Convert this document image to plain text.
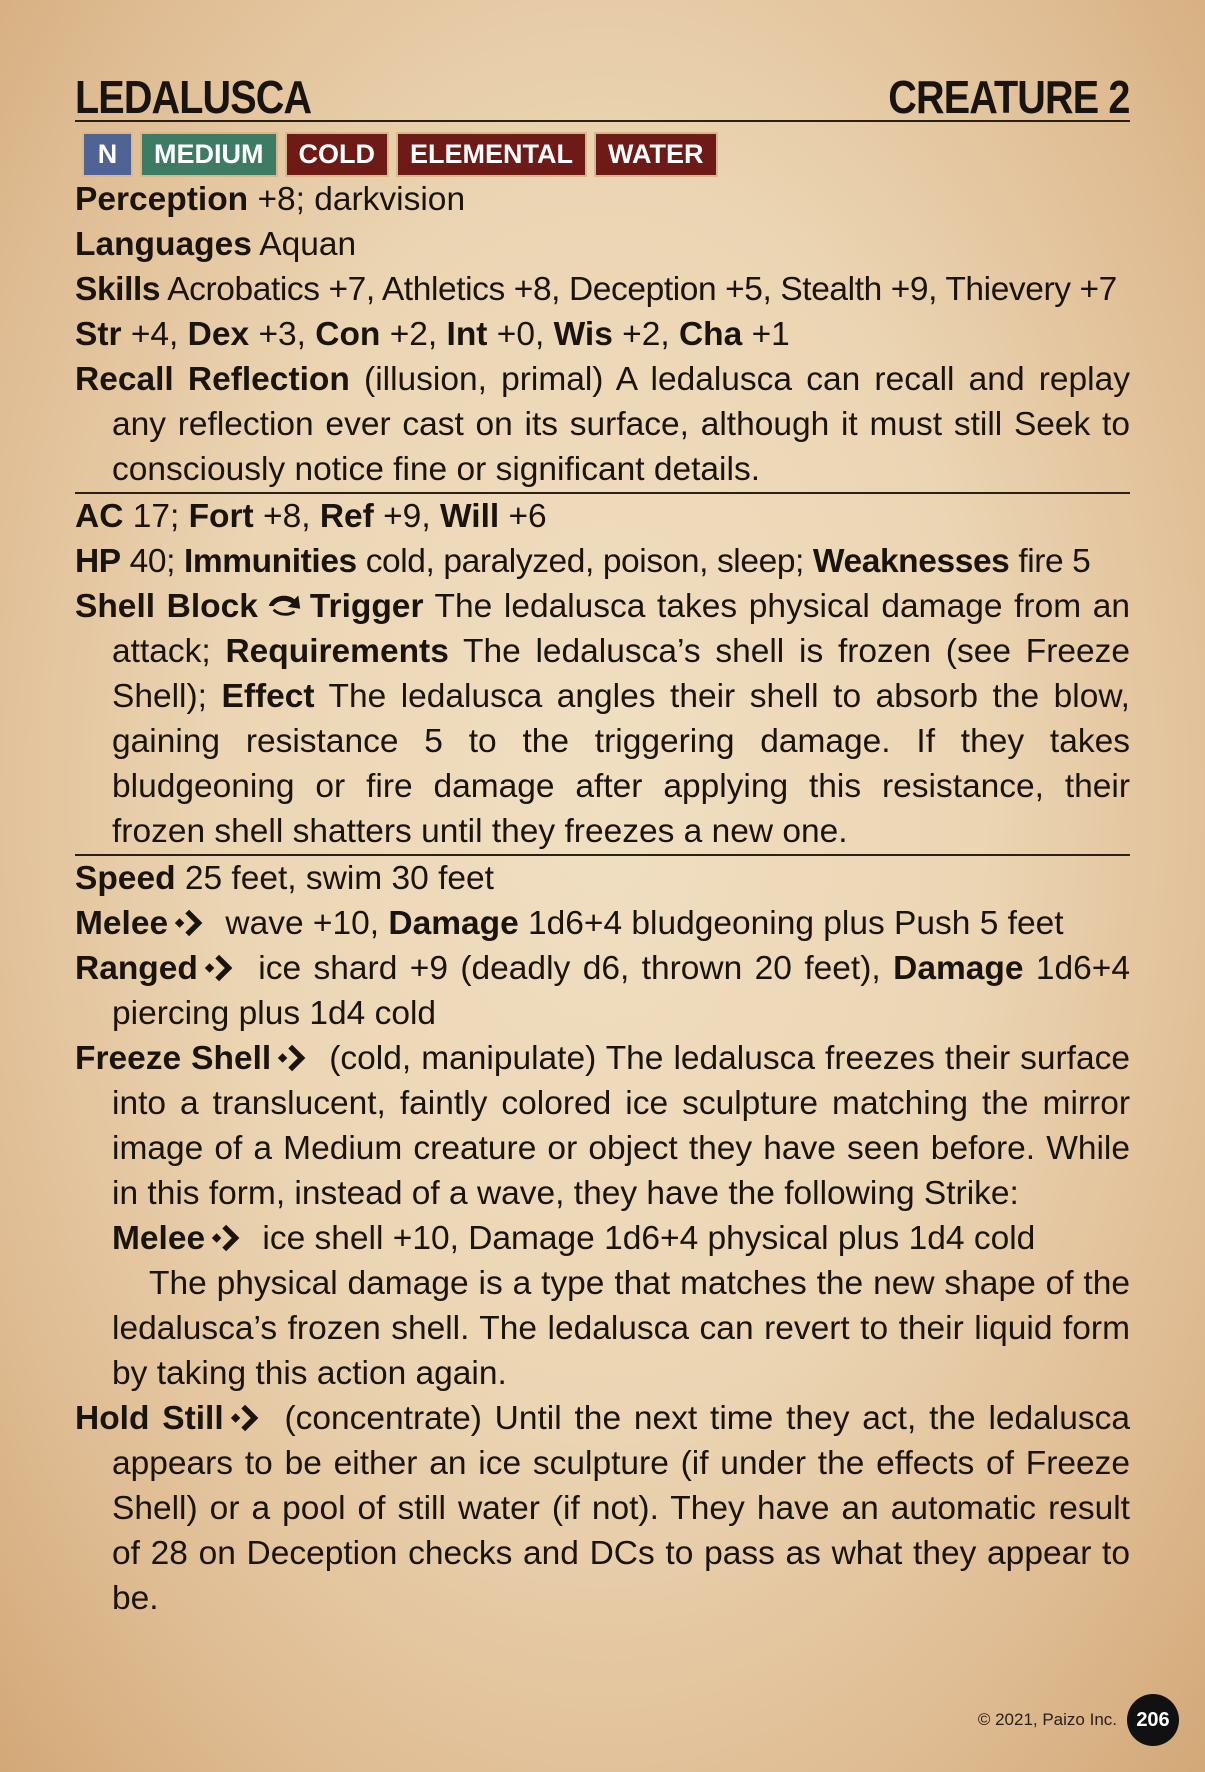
LEDALUSCA	CREATURE 2
N	MEDIUM	COLD	ELEMENTAL	WATER
Perception +8; darkvision
Languages Aquan
Skills Acrobatics +7, Athletics +8, Deception +5, Stealth +9, Thievery +7
Str +4, Dex +3, Con +2, Int +0, Wis +2, Cha +1
Recall Reflection (illusion, primal) A ledalusca can recall and replay any reflection ever cast on its surface, although it must still Seek to consciously notice fine or significant details.
AC 17; Fort +8, Ref +9, Will +6
HP 40; Immunities cold, paralyzed, poison, sleep; Weaknesses fire 5
Shell Block Trigger The ledalusca takes physical damage from an attack; Requirements The ledalusca’s shell is frozen (see Freeze Shell); Effect The ledalusca angles their shell to absorb the blow, gaining resistance 5 to the triggering damage. If they takes bludgeoning or fire damage after applying this resistance, their frozen shell shatters until they freezes a new one.
Speed 25 feet, swim 30 feet
Melee wave +10, Damage 1d6+4 bludgeoning plus Push 5 feet
Ranged ice shard +9 (deadly d6, thrown 20 feet), Damage 1d6+4 piercing plus 1d4 cold
Freeze Shell (cold, manipulate) The ledalusca freezes their surface into a translucent, faintly colored ice sculpture matching the mirror image of a Medium creature or object they have seen before. While in this form, instead of a wave, they have the following Strike:
Melee ice shell +10, Damage 1d6+4 physical plus 1d4 cold
The physical damage is a type that matches the new shape of the ledalusca’s frozen shell. The ledalusca can revert to their liquid form by taking this action again.
Hold Still (concentrate) Until the next time they act, the ledalusca appears to be either an ice sculpture (if under the effects of Freeze Shell) or a pool of still water (if not). They have an automatic result of 28 on Deception checks and DCs to pass as what they appear to be.
© 2021, Paizo Inc. 206
